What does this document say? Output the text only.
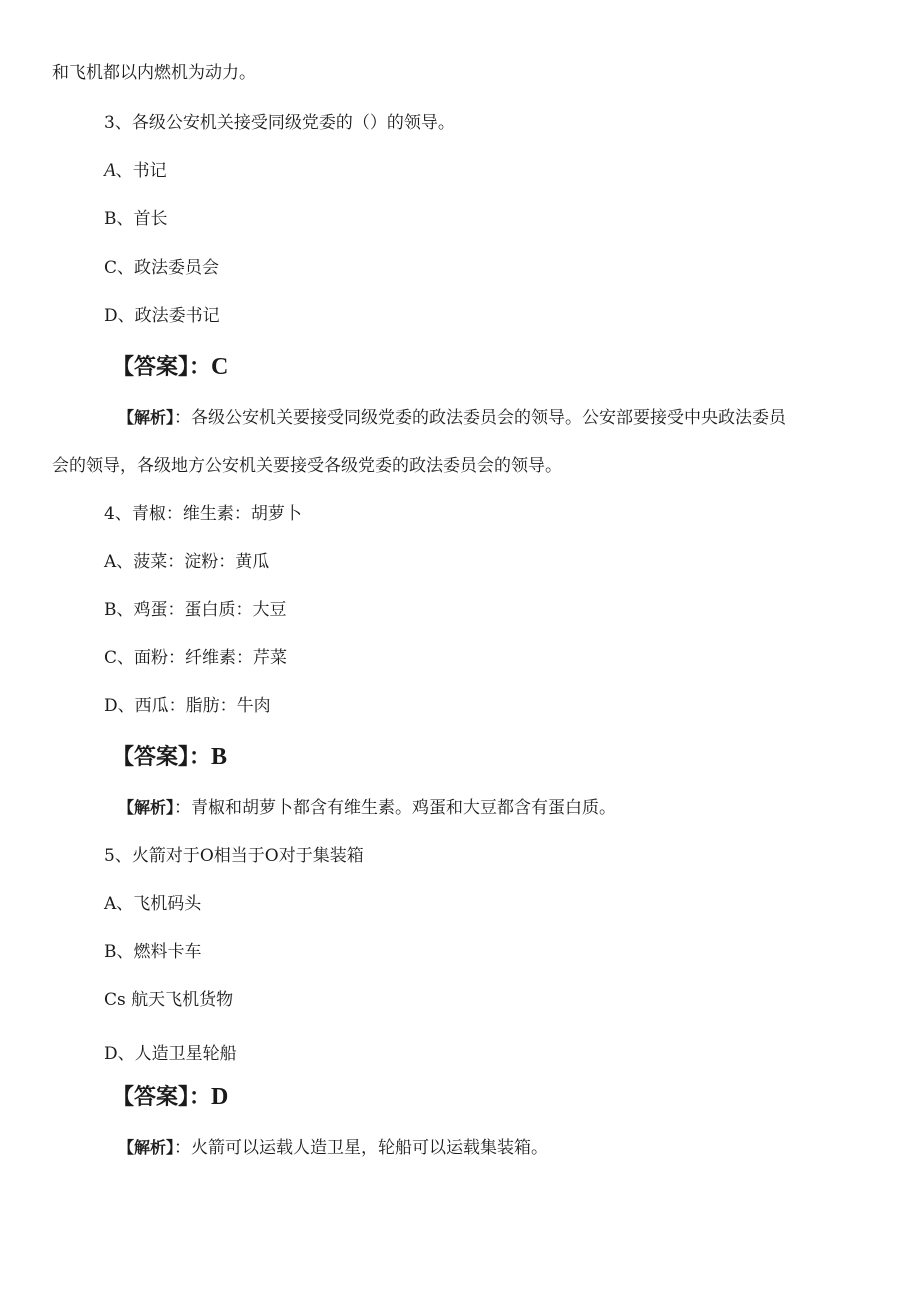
和飞机都以内燃机为动力。
3、各级公安机关接受同级党委的（）的领导。
A、书记
B、首长
C、政法委员会
D、政法委书记
【答案】：C
【解析】：各级公安机关要接受同级党委的政法委员会的领导。公安部要接受中央政法委员
会的领导，各级地方公安机关要接受各级党委的政法委员会的领导。
4、青椒：维生素：胡萝卜
A、菠菜：淀粉：黄瓜
B、鸡蛋：蛋白质：大豆
C、面粉：纤维素：芹菜
D、西瓜：脂肪：牛肉
【答案】：B
【解析】：青椒和胡萝卜都含有维生素。鸡蛋和大豆都含有蛋白质。
5、火箭对于O相当于O对于集装箱
A、飞机码头
B、燃料卡车
Cs 航天飞机货物
D、人造卫星轮船
【答案】：D
【解析】：火箭可以运载人造卫星，轮船可以运载集装箱。
